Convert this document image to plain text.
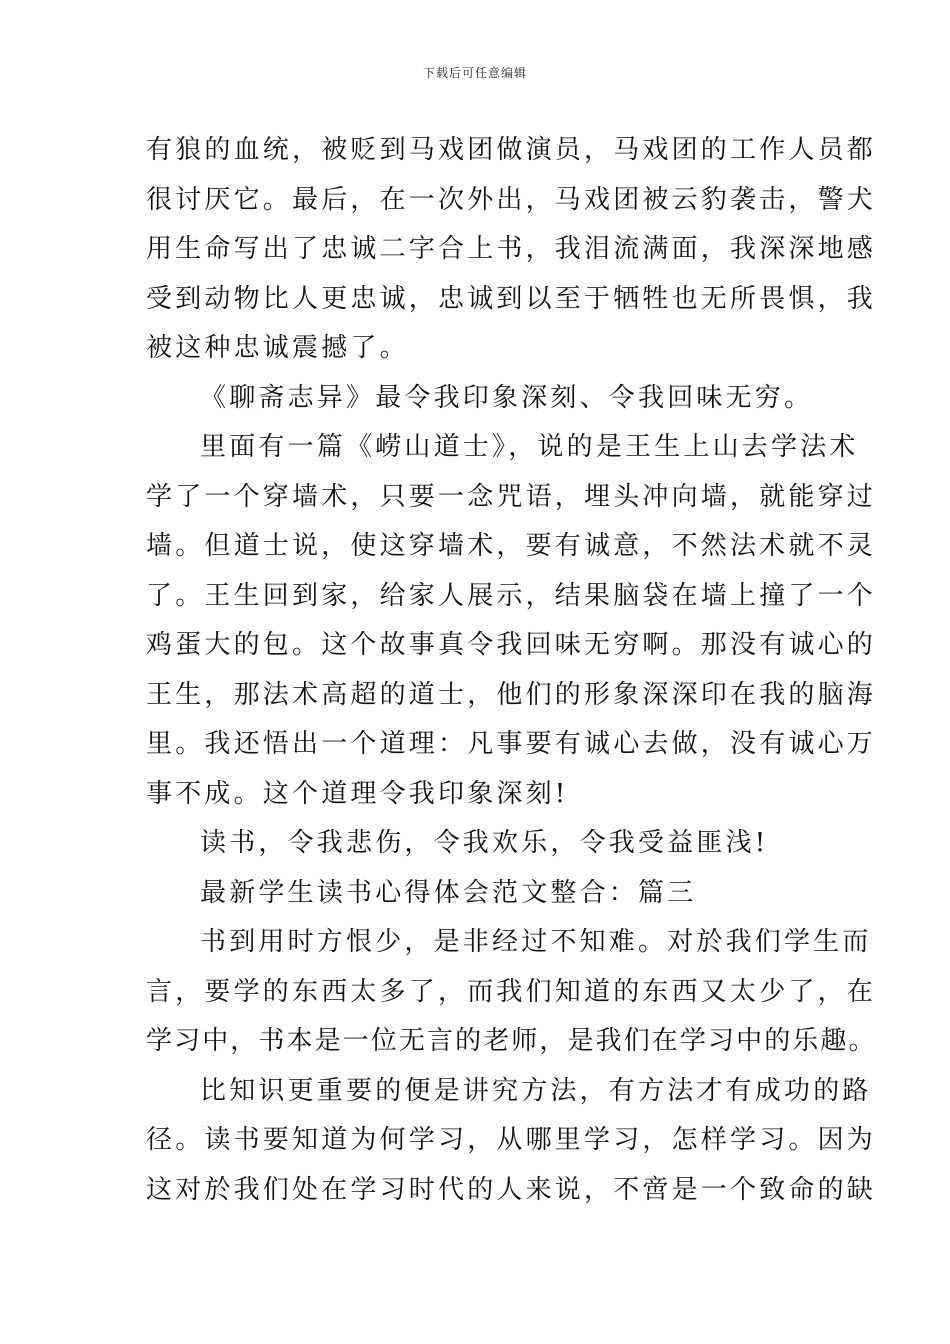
下载后可任意编辑
有狼的血统，被贬到马戏团做演员，马戏团的工作人员都
很讨厌它。最后，在一次外出，马戏团被云豹袭击，警犬
用生命写出了忠诚二字合上书，我泪流满面，我深深地感
受到动物比人更忠诚，忠诚到以至于牺牲也无所畏惧，我
被这种忠诚震撼了。
《聊斋志异》最令我印象深刻、令我回味无穷。
里面有一篇《崂山道士》，说的是王生上山去学法术
学了一个穿墙术，只要一念咒语，埋头冲向墙，就能穿过
墙。但道士说，使这穿墙术，要有诚意，不然法术就不灵
了。王生回到家，给家人展示，结果脑袋在墙上撞了一个
鸡蛋大的包。这个故事真令我回味无穷啊。那没有诚心的
王生，那法术高超的道士，他们的形象深深印在我的脑海
里。我还悟出一个道理：凡事要有诚心去做，没有诚心万
事不成。这个道理令我印象深刻!
读书，令我悲伤，令我欢乐，令我受益匪浅!
最新学生读书心得体会范文整合：篇三
书到用时方恨少，是非经过不知难。对於我们学生而
言，要学的东西太多了，而我们知道的东西又太少了，在
学习中，书本是一位无言的老师，是我们在学习中的乐趣。
比知识更重要的便是讲究方法，有方法才有成功的路
径。读书要知道为何学习，从哪里学习，怎样学习。因为
这对於我们处在学习时代的人来说，不啻是一个致命的缺
